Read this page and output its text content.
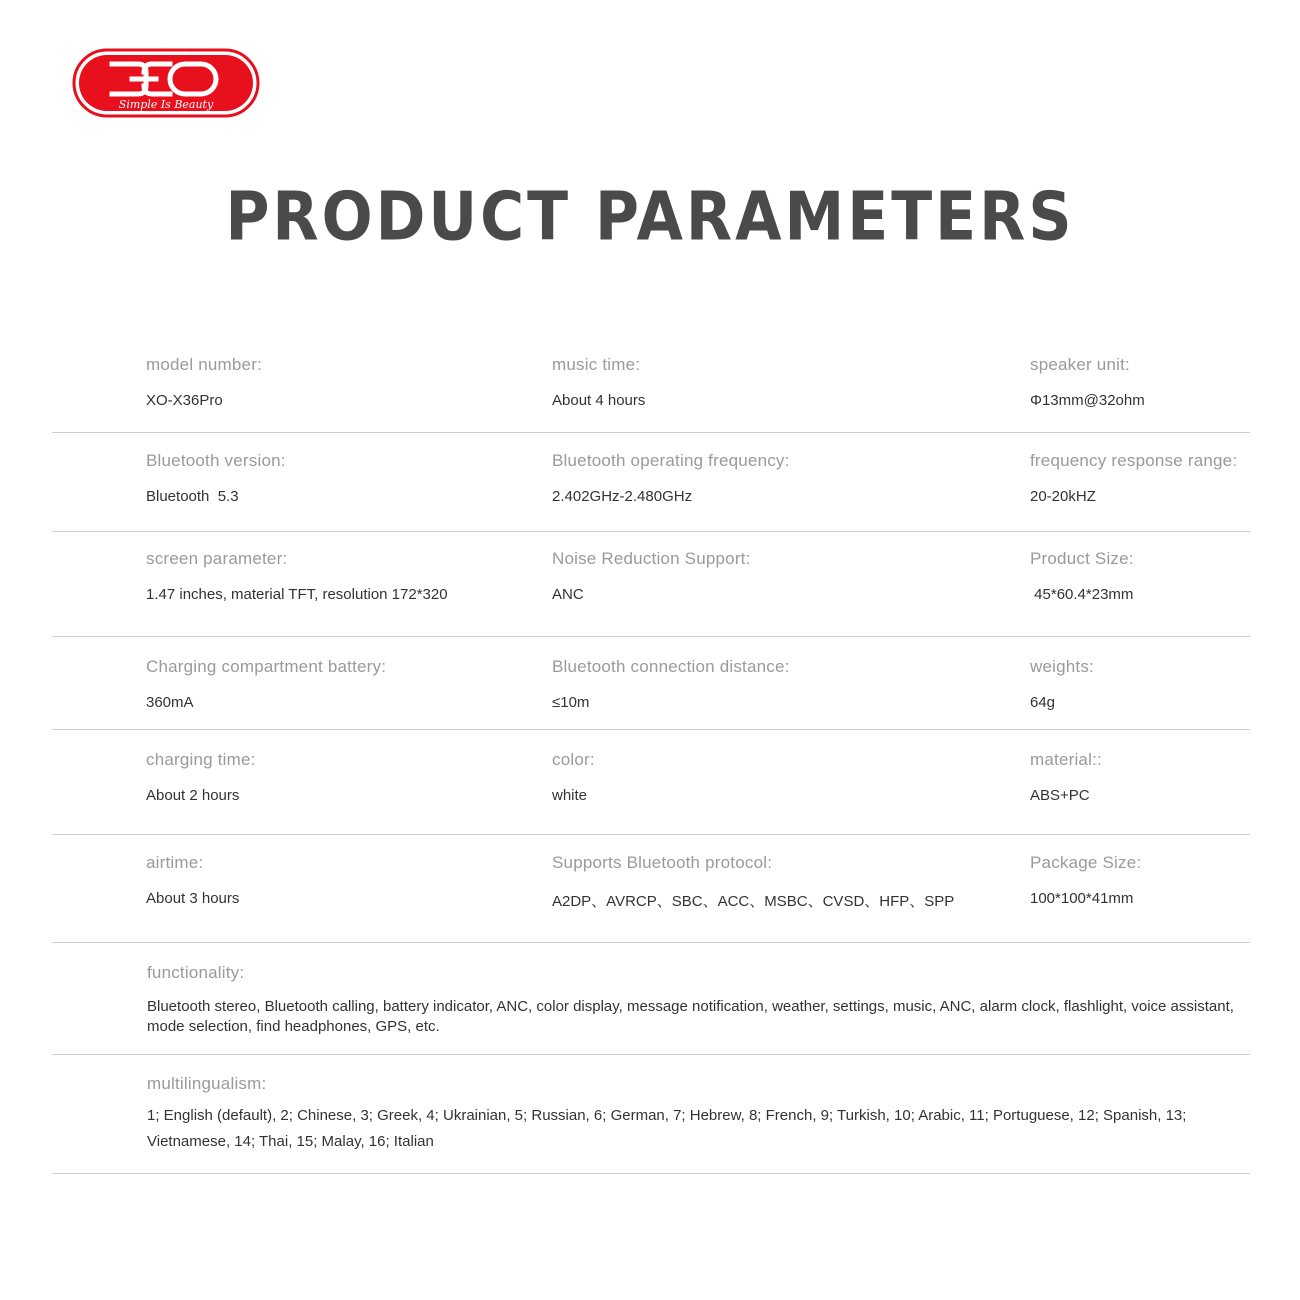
Simple Is Beauty
PRODUCT PARAMETERS
model number:
XO-X36Pro
music time:
About 4 hours
speaker unit:
Φ13mm@32ohm
Bluetooth version:
Bluetooth  5.3
Bluetooth operating frequency:
2.402GHz-2.480GHz
frequency response range:
20-20kHZ
screen parameter:
1.47 inches, material TFT, resolution 172*320
Noise Reduction Support:
ANC
Product Size:
45*60.4*23mm
Charging compartment battery:
360mA
Bluetooth connection distance:
≤10m
weights:
64g
charging time:
About 2 hours
color:
white
material::
ABS+PC
airtime:
About 3 hours
Supports Bluetooth protocol:
A2DP、AVRCP、SBC、ACC、MSBC、CVSD、HFP、SPP
Package Size:
100*100*41mm
functionality:
Bluetooth stereo, Bluetooth calling, battery indicator, ANC, color display, message notification, weather, settings, music, ANC, alarm clock, flashlight, voice assistant, mode selection, find headphones, GPS, etc.
multilingualism:
1; English (default), 2; Chinese, 3; Greek, 4; Ukrainian, 5; Russian, 6; German, 7; Hebrew, 8; French, 9; Turkish, 10; Arabic, 11; Portuguese, 12; Spanish, 13; Vietnamese, 14; Thai, 15; Malay, 16; Italian
